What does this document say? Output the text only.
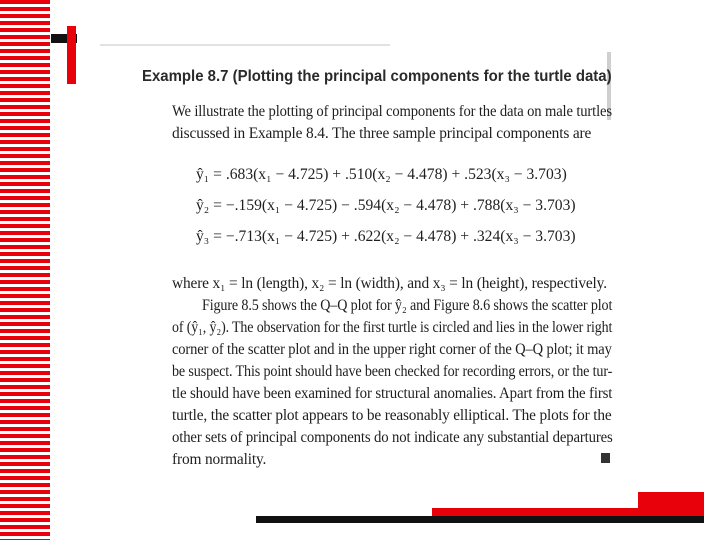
Example 8.7 (Plotting the principal components for the turtle data)
We illustrate the plotting of principal components for the data on male turtles
discussed in Example 8.4. The three sample principal components are
ŷ₁ = .683(x₁ − 4.725) + .510(x₂ − 4.478) + .523(x₃ − 3.703)
ŷ₂ = −.159(x₁ − 4.725) − .594(x₂ − 4.478) + .788(x₃ − 3.703)
ŷ₃ = −.713(x₁ − 4.725) + .622(x₂ − 4.478) + .324(x₃ − 3.703)
where x₁ = ln (length), x₂ = ln (width), and x₃ = ln (height), respectively.
Figure 8.5 shows the Q–Q plot for ŷ₂ and Figure 8.6 shows the scatter plot
of (ŷ₁, ŷ₂). The observation for the first turtle is circled and lies in the lower right
corner of the scatter plot and in the upper right corner of the Q–Q plot; it may
be suspect. This point should have been checked for recording errors, or the tur-
tle should have been examined for structural anomalies. Apart from the first
turtle, the scatter plot appears to be reasonably elliptical. The plots for the
other sets of principal components do not indicate any substantial departures
from normality.
